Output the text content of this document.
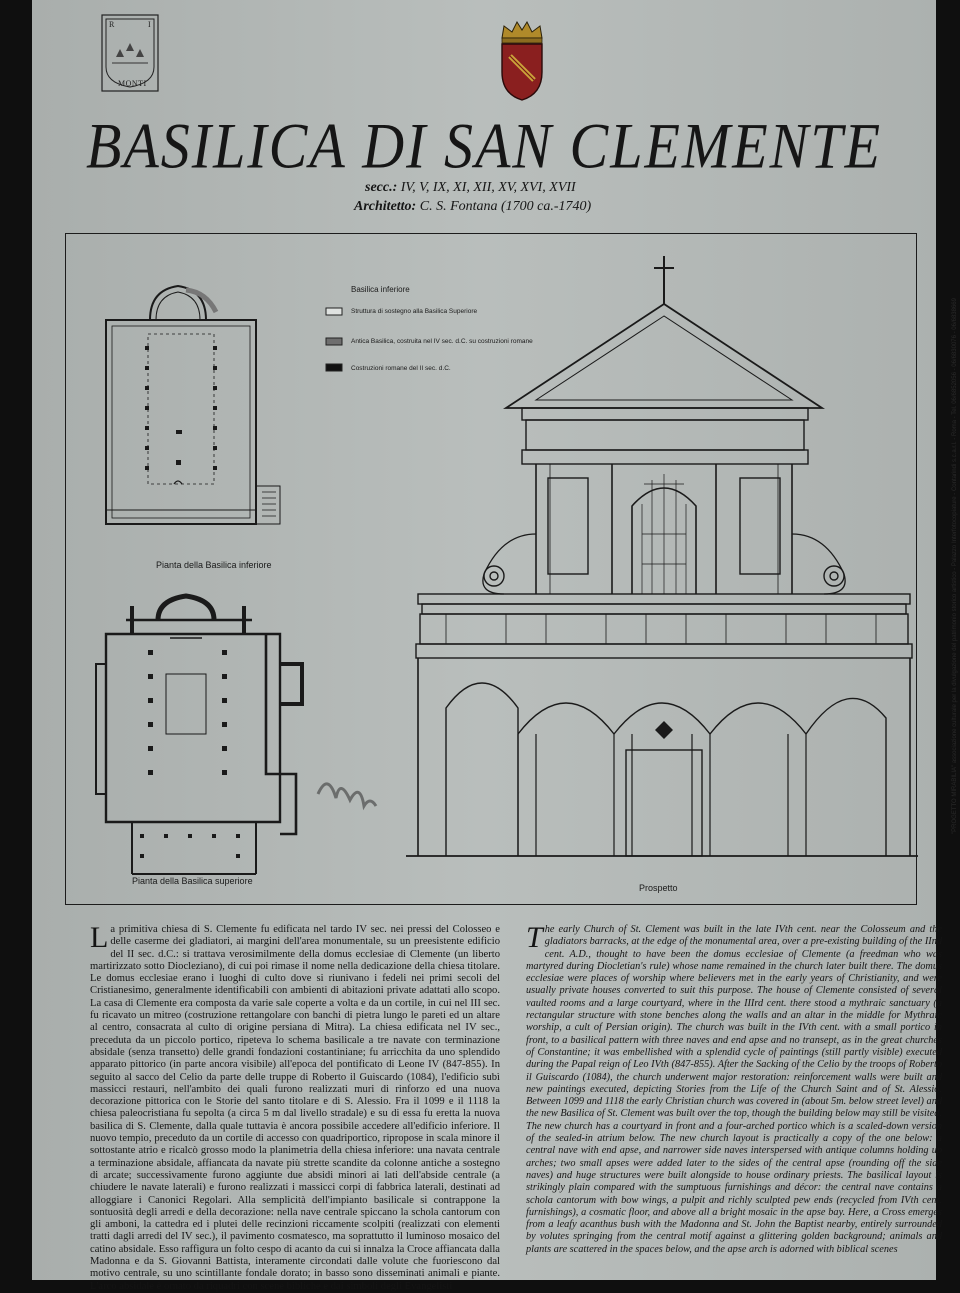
R	I
MONTI
BASILICA DI SAN CLEMENTE
secc.: IV, V, IX, XI, XII, XV, XVI, XVII
Architetto: C. S. Fontana (1700 ca.-1740)
Pianta della Basilica inferiore
Pianta della Basilica superiore
Basilica inferiore
Struttura di sostegno alla Basilica Superiore
Antica Basilica, costruita nel IV sec. d.C. su costruzioni romane
Costruzioni romane del II sec. d.C.
Prospetto
"PROGETTO MIRABILIA" associazione culturale per la divulgazione del patrimonio storico artistico - Palazzo Interfotocopiature - Contarindi s.c.a.r.l. - Roma - Tel. 06/6852056 - 06/6830076 - 06/6838669
La primitiva chiesa di S. Clemente fu edificata nel tardo IV sec. nei pressi del Colosseo e delle caserme dei gladiatori, ai margini dell'area monumentale, su un preesistente edificio del II sec. d.C.: si trattava verosimilmente della domus ecclesiae di Clemente (un liberto martirizzato sotto Diocleziano), di cui poi rimase il nome nella dedicazione della chiesa titolare. Le domus ecclesiae erano i luoghi di culto dove si riunivano i fedeli nei primi secoli del Cristianesimo, generalmente identificabili con ambienti di abitazioni private adattati allo scopo. La casa di Clemente era composta da varie sale coperte a volta e da un cortile, in cui nel III sec. fu ricavato un mitreo (costruzione rettangolare con banchi di pietra lungo le pareti ed un altare al centro, consacrata al culto di origine persiana di Mitra). La chiesa edificata nel IV sec., preceduta da un piccolo portico, ripeteva lo schema basilicale a tre navate con terminazione absidale (senza transetto) delle grandi fondazioni costantiniane; fu arricchita da uno splendido apparato pittorico (in parte ancora visibile) all'epoca del pontificato di Leone IV (847-855). In seguito al sacco del Celio da parte delle truppe di Roberto il Guiscardo (1084), l'edificio subì massicci restauri, nell'ambito dei quali furono realizzati muri di rinforzo ed una nuova decorazione pittorica con le Storie del santo titolare e di S. Alessio. Fra il 1099 e il 1118 la chiesa paleocristiana fu sepolta (a circa 5 m dal livello stradale) e su di essa fu eretta la nuova basilica di S. Clemente, dalla quale tuttavia è ancora possibile accedere all'edificio inferiore. Il nuovo tempio, preceduto da un cortile di accesso con quadriportico, ripropose in scala minore il sottostante atrio e ricalcò grosso modo la planimetria della chiesa inferiore: una navata centrale a terminazione absidale, affiancata da navate più strette scandite da colonne antiche a sostegno di arcate; successivamente furono aggiunte due absidi minori ai lati dell'abside centrale (a chiudere le navate laterali) e furono realizzati i massicci corpi di fabbrica laterali, destinati ad alloggiare i Canonici Regolari. Alla semplicità dell'impianto basilicale si contrappone la sontuosità degli arredi e della decorazione: nella nave centrale spiccano la schola cantorum con gli amboni, la cattedra ed i plutei delle recinzioni riccamente scolpiti (realizzati con elementi tratti dagli arredi del IV sec.), il pavimento cosmatesco, ma soprattutto il luminoso mosaico del catino absidale. Esso raffigura un folto cespo di acanto da cui si innalza la Croce affiancata dalla Madonna e da S. Giovanni Battista, interamente circondati dalle volute che fuoriescono dal motivo centrale, su uno scintillante fondale dorato; in basso sono disseminati animali e piante. L'arco absidale è ornato da riquadri con scene bibliche e dai simboli degli Evangelisti
The early Church of St. Clement was built in the late IVth cent. near the Colosseum and the gladiators barracks, at the edge of the monumental area, over a pre-existing building of the IInd cent. A.D., thought to have been the domus ecclesiae of Clemente (a freedman who was martyred during Diocletian's rule) whose name remained in the church later built there. The domus ecclesiae were places of worship where believers met in the early years of Christianity, and were usually private houses converted to suit this purpose. The house of Clemente consisted of several vaulted rooms and a large courtyard, where in the IIIrd cent. there stood a mythraic sanctuary (a rectangular structure with stone benches along the walls and an altar in the middle for Mythraic worship, a cult of Persian origin). The church was built in the IVth cent. with a small portico in front, to a basilical pattern with three naves and end apse and no transept, as in the great churches of Constantine; it was embellished with a splendid cycle of paintings (still partly visible) executed during the Papal reign of Leo IVth (847-855). After the Sacking of the Celio by the troops of Roberto il Guiscardo (1084), the church underwent major restoration: reinforcement walls were built and new paintings executed, depicting Stories from the Life of the Church Saint and of St. Alessio. Between 1099 and 1118 the early Christian church was covered in (about 5m. below street level) and the new Basilica of St. Clement was built over the top, though the building below may still be visited. The new church has a courtyard in front and a four-arched portico which is a scaled-down version of the sealed-in atrium below. The new church layout is practically a copy of the one below: a central nave with end apse, and narrower side naves interspersed with antique columns holding up arches; two small apses were added later to the sides of the central apse (rounding off the side naves) and huge structures were built alongside to house ordinary priests. The basilical layout is strikingly plain compared with the sumptuous furnishings and décor: the central nave contains a schola cantorum with bow wings, a pulpit and richly sculpted pew ends (recycled from IVth cent. furnishings), a cosmatic floor, and above all a bright mosaic in the apse bay. Here, a Cross emerges from a leafy acanthus bush with the Madonna and St. John the Baptist nearby, entirely surrounded by volutes springing from the central motif against a glittering golden background; animals and plants are scattered in the spaces below, and the apse arch is adorned with biblical scenes
